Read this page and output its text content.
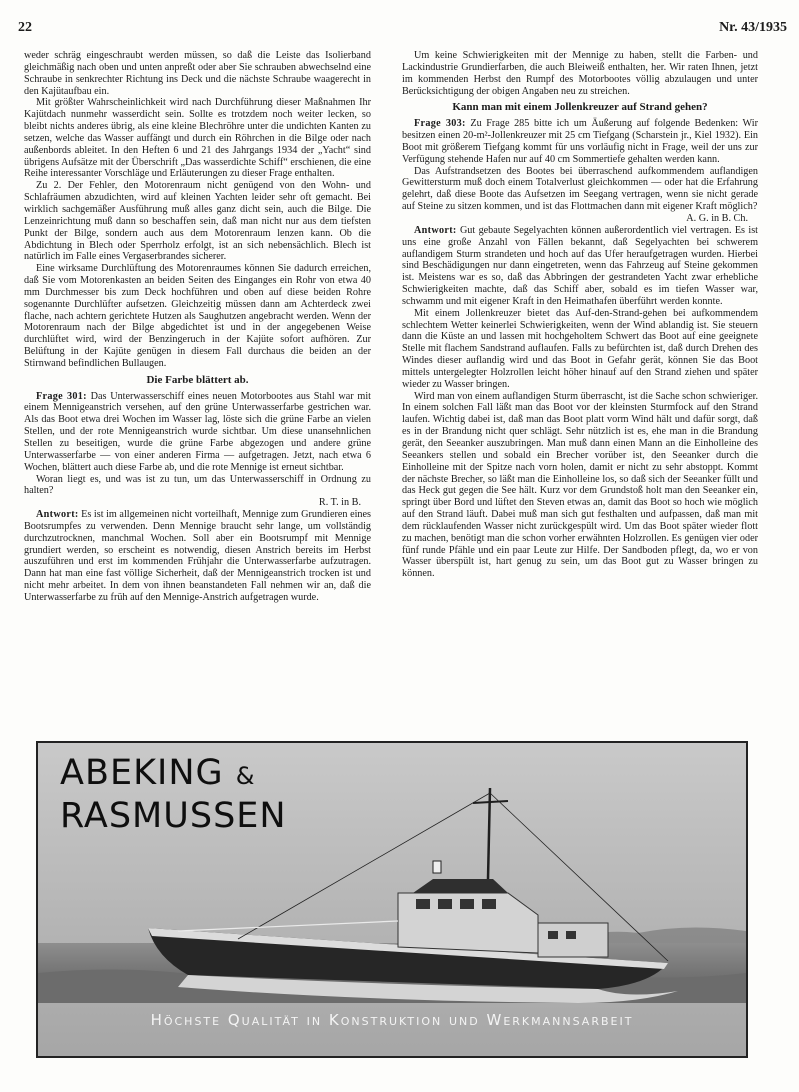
22	Nr. 43/1935

weder schräg eingeschraubt werden müssen, so daß die Leiste das Isolierband gleichmäßig nach oben und unten anpreßt oder aber Sie schrauben abwechselnd eine Schraube in senkrechter Richtung ins Deck und die nächste Schraube waagerecht in den Kajütaufbau ein.

Mit größter Wahrscheinlichkeit wird nach Durchführung dieser Maßnahmen Ihr Kajütdach nunmehr wasserdicht sein. Sollte es trotzdem noch weiter lecken, so bleibt nichts anderes übrig, als eine kleine Blechröhre unter die undichten Kanten zu setzen, welche das Wasser auffängt und durch ein Röhrchen in die Bilge oder nach außenbords ableitet. In den Heften 6 und 21 des Jahrgangs 1934 der „Yacht“ sind übrigens Aufsätze mit der Überschrift „Das wasserdichte Schiff“ erschienen, die eine Reihe interessanter Vorschläge und Erläuterungen zu dieser Frage enthalten.

Zu 2. Der Fehler, den Motorenraum nicht genügend von den Wohn- und Schlafräumen abzudichten, wird auf kleinen Yachten leider sehr oft gemacht. Bei wirklich sachgemäßer Ausführung muß alles ganz dicht sein, auch die Bilge. Die Lenzeinrichtung muß dann so beschaffen sein, daß man nicht nur aus dem tiefsten Punkt der Bilge, sondern auch aus dem Motorenraum lenzen kann. Ob die Abdichtung in Blech oder Sperrholz erfolgt, ist an sich nebensächlich. Blech ist natürlich im Falle eines Vergaserbrandes sicherer.

Eine wirksame Durchlüftung des Motorenraumes können Sie dadurch erreichen, daß Sie vom Motorenkasten an beiden Seiten des Einganges ein Rohr von etwa 40 mm Durchmesser bis zum Deck hochführen und oben auf diese beiden Rohre sogenannte Durchlüfter aufsetzen. Gleichzeitig müssen dann am Achterdeck zwei flache, nach achtern gerichtete Hutzen als Saughutzen angebracht werden. Wenn der Motorenraum nach der Bilge abgedichtet ist und in der angegebenen Weise durchlüftet wird, wird der Benzingeruch in der Kajüte sofort aufhören. Zur Belüftung in der Kajüte genügen in diesem Fall durchaus die beiden an der Stirnwand befindlichen Bullaugen.

Die Farbe blättert ab.

Frage 301: Das Unterwasserschiff eines neuen Motorbootes aus Stahl war mit einem Mennigeanstrich versehen, auf den grüne Unterwasserfarbe gestrichen war. Als das Boot etwa drei Wochen im Wasser lag, löste sich die grüne Farbe an vielen Stellen, und der rote Mennigeanstrich wurde sichtbar. Um diese unansehnlichen Stellen zu beseitigen, wurde die grüne Farbe abgezogen und andere grüne Unterwasserfarbe — von einer anderen Firma — aufgetragen. Jetzt, nach etwa 6 Wochen, blättert auch diese Farbe ab, und die rote Mennige ist erneut sichtbar.

Woran liegt es, und was ist zu tun, um das Unterwasserschiff in Ordnung zu halten?
R. T. in B.

Antwort: Es ist im allgemeinen nicht vorteilhaft, Mennige zum Grundieren eines Bootsrumpfes zu verwenden. Denn Mennige braucht sehr lange, um vollständig durchzutrocknen, manchmal Wochen. Soll aber ein Bootsrumpf mit Mennige grundiert werden, so erscheint es notwendig, diesen Anstrich bereits im Herbst auszuführen und erst im kommenden Frühjahr die Unterwasserfarbe aufzutragen. Dann hat man eine fast völlige Sicherheit, daß der Mennigeanstrich trocken ist und nicht mehr arbeitet. In dem von ihnen beanstandeten Fall nehmen wir an, daß die Unterwasserfarbe zu früh auf den Mennige-Anstrich aufgetragen wurde.

Um keine Schwierigkeiten mit der Mennige zu haben, stellt die Farben- und Lackindustrie Grundierfarben, die auch Bleiweiß enthalten, her. Wir raten Ihnen, jetzt im kommenden Herbst den Rumpf des Motorbootes völlig abzulaugen und unter Berücksichtigung der obigen Angaben neu zu streichen.

Kann man mit einem Jollenkreuzer auf Strand gehen?

Frage 303: Zu Frage 285 bitte ich um Äußerung auf folgende Bedenken: Wir besitzen einen 20-m²-Jollenkreuzer mit 25 cm Tiefgang (Scharstein jr., Kiel 1932). Ein Boot mit größerem Tiefgang kommt für uns vorläufig nicht in Frage, weil der uns zur Verfügung stehende Hafen nur auf 40 cm Sommertiefe gehalten werden kann.

Das Aufstrandsetzen des Bootes bei überraschend aufkommendem auflandigen Gewittersturm muß doch einem Totalverlust gleichkommen — oder hat die Erfahrung gelehrt, daß diese Boote das Aufsetzen im Seegang vertragen, wenn sie nicht gerade auf Steine zu sitzen kommen, und ist das Flottmachen dann mit eigener Kraft möglich?
A. G. in B. Ch.

Antwort: Gut gebaute Segelyachten können außerordentlich viel vertragen. Es ist uns eine große Anzahl von Fällen bekannt, daß Segelyachten bei schwerem auflandigem Sturm strandeten und hoch auf das Ufer heraufgetragen wurden. Hierbei sind Beschädigungen nur dann eingetreten, wenn das Fahrzeug auf Steine gekommen ist. Meistens war es so, daß das Abbringen der gestrandeten Yacht zwar erhebliche Schwierigkeiten machte, daß das Schiff aber, sobald es im tiefen Wasser war, schwamm und mit eigener Kraft in den Heimathafen überführt werden konnte.

Mit einem Jollenkreuzer bietet das Auf-den-Strand-gehen bei aufkommendem schlechtem Wetter keinerlei Schwierigkeiten, wenn der Wind ablandig ist. Sie steuern dann die Küste an und lassen mit hochgeholtem Schwert das Boot auf eine geeignete Stelle mit flachem Sandstrand auflaufen. Falls zu befürchten ist, daß durch Drehen des Windes dieser auflandig wird und das Boot in Gefahr gerät, können Sie das Boot mittels untergelegter Holzrollen leicht höher hinauf auf den Strand ziehen und später wieder zu Wasser bringen.

Wird man von einem auflandigen Sturm überrascht, ist die Sache schon schwieriger. In einem solchen Fall läßt man das Boot vor der kleinsten Sturmfock auf den Strand laufen. Wichtig dabei ist, daß man das Boot platt vorm Wind hält und dafür sorgt, daß es in der Brandung nicht quer schlägt. Sehr nützlich ist es, ehe man in die Brandung gerät, den Seeanker auszubringen. Man muß dann einen Mann an die Einholleine des Seeankers stellen und sobald ein Brecher vorüber ist, den Seeanker durch die Einholleine mit der Spitze nach vorn holen, damit er nicht zu sehr abstoppt. Kommt der nächste Brecher, so läßt man die Einholleine los, so daß sich der Seeanker füllt und das Heck gut gegen die See hält. Kurz vor dem Grundstoß holt man den Seeanker ein, springt über Bord und lüftet den Steven etwas an, damit das Boot so hoch wie möglich auf den Strand läuft. Dabei muß man sich gut festhalten und aufpassen, daß man mit dem rücklaufenden Wasser nicht zurückgespült wird. Um das Boot später wieder flott zu machen, benötigt man die schon vorher erwähnten Holzrollen. Es genügen vier oder fünf runde Pfähle und ein paar Leute zur Hilfe. Der Sandboden pflegt, da, wo er von Wasser überspült ist, hart genug zu sein, um das Boot gut zu Wasser bringen zu können.

ABEKING &
RASMUSSEN
Höchste Qualität in Konstruktion und Werkmannsarbeit
